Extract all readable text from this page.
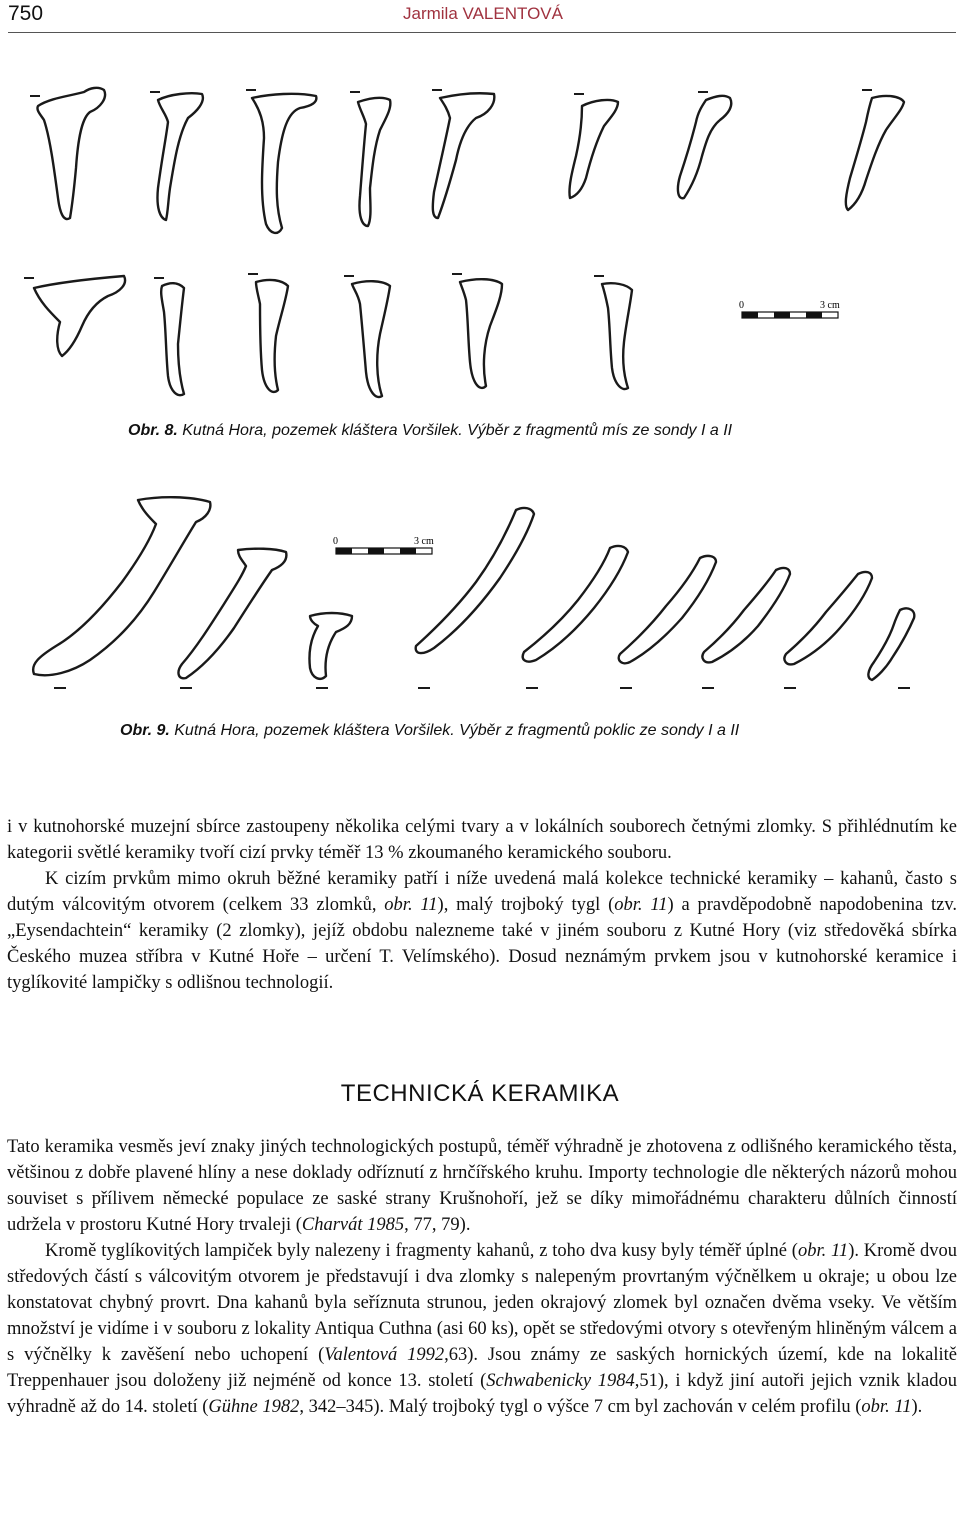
750	Jarmila VALENTOVÁ
0	3 cm
Obr. 8. Kutná Hora, pozemek kláštera Voršilek. Výběr z fragmentů mís ze sondy I a II
0	3 cm
Obr. 9. Kutná Hora, pozemek kláštera Voršilek. Výběr z fragmentů poklic ze sondy I a II

i v kutnohorské muzejní sbírce zastoupeny několika celými tvary a v lokálních souborech četnými zlomky. S přihlédnutím ke kategorii světlé keramiky tvoří cizí prvky téměř 13 % zkoumaného keramického souboru.

K cizím prvkům mimo okruh běžné keramiky patří i níže uvedená malá kolekce technické keramiky – kahanů, často s dutým válcovitým otvorem (celkem 33 zlomků, obr. 11), malý trojboký tygl (obr. 11) a pravděpodobně napodobenina tzv. „Eysendachtein“ keramiky (2 zlomky), jejíž obdobu nalezneme také v jiném souboru z Kutné Hory (viz středověká sbírka Českého muzea stříbra v Kutné Hoře – určení T. Velímského). Dosud neznámým prvkem jsou v kutnohorské keramice i tyglíkovité lampičky s odlišnou technologií.

TECHNICKÁ KERAMIKA

Tato keramika vesměs jeví znaky jiných technologických postupů, téměř výhradně je zhotovena z odlišného keramického těsta, většinou z dobře plavené hlíny a nese doklady odříznutí z hrnčířského kruhu. Importy technologie dle některých názorů mohou souviset s přílivem německé populace ze saské strany Krušnohoří, jež se díky mimořádnému charakteru důlních činností udržela v prostoru Kutné Hory trvaleji (Charvát 1985, 77, 79).

Kromě tyglíkovitých lampiček byly nalezeny i fragmenty kahanů, z toho dva kusy byly téměř úplné (obr. 11). Kromě dvou středových částí s válcovitým otvorem je představují i dva zlomky s nalepeným provrtaným výčnělkem u okraje; u obou lze konstatovat chybný provrt. Dna kahanů byla seříznuta strunou, jeden okrajový zlomek byl označen dvěma vseky. Ve větším množství je vidíme i v souboru z lokality Antiqua Cuthna (asi 60 ks), opět se středovými otvory s otevřeným hliněným válcem a s výčnělky k zavěšení nebo uchopení (Valentová 1992,63). Jsou známy ze saských hornických území, kde na lokalitě Treppenhauer jsou doloženy již nejméně od konce 13. století (Schwabenicky 1984,51), i když jiní autoři jejich vznik kladou výhradně až do 14. století (Gühne 1982, 342–345). Malý trojboký tygl o výšce 7 cm byl zachován v celém profilu (obr. 11).
